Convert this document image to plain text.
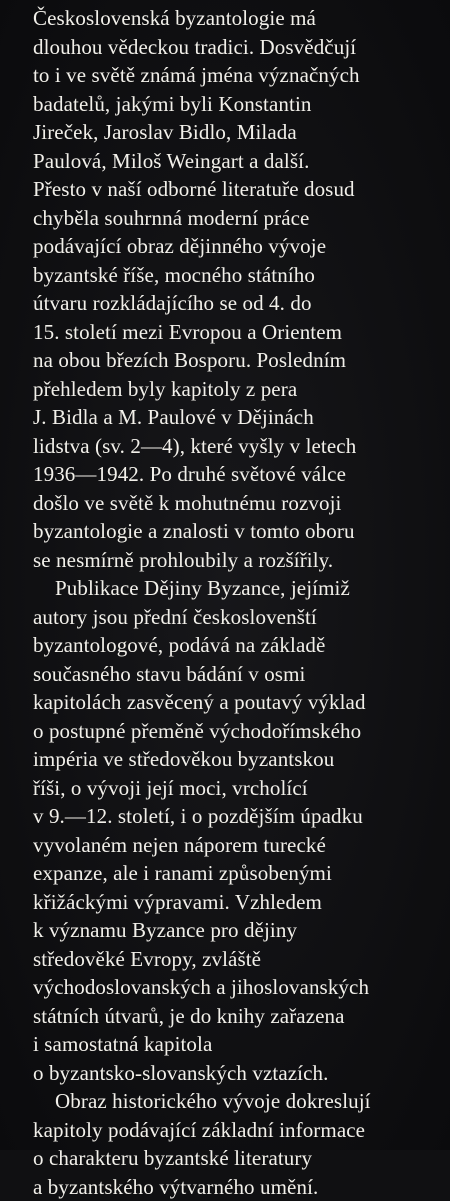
Československá byzantologie má
dlouhou vědeckou tradici. Dosvědčují
to i ve světě známá jména význačných
badatelů, jakými byli Konstantin
Jireček, Jaroslav Bidlo, Milada
Paulová, Miloš Weingart a další.
Přesto v naší odborné literatuře dosud
chyběla souhrnná moderní práce
podávající obraz dějinného vývoje
byzantské říše, mocného státního
útvaru rozkládajícího se od 4. do
15. století mezi Evropou a Orientem
na obou březích Bosporu. Posledním
přehledem byly kapitoly z pera
J. Bidla a M. Paulové v Dějinách
lidstva (sv. 2—4), které vyšly v letech
1936—1942. Po druhé světové válce
došlo ve světě k mohutnému rozvoji
byzantologie a znalosti v tomto oboru
se nesmírně prohloubily a rozšířily.
Publikace Dějiny Byzance, jejímiž
autory jsou přední českoslovenští
byzantologové, podává na základě
současného stavu bádání v osmi
kapitolách zasvěcený a poutavý výklad
o postupné přeměně východořímského
impéria ve středověkou byzantskou
říši, o vývoji její moci, vrcholící
v 9.—12. století, i o pozdějším úpadku
vyvolaném nejen náporem turecké
expanze, ale i ranami způsobenými
křižáckými výpravami. Vzhledem
k významu Byzance pro dějiny
středověké Evropy, zvláště
východoslovanských a jihoslovanských
státních útvarů, je do knihy zařazena
i samostatná kapitola
o byzantsko-slovanských vztazích.
Obraz historického vývoje dokreslují
kapitoly podávající základní informace
o charakteru byzantské literatury
a byzantského výtvarného umění.
